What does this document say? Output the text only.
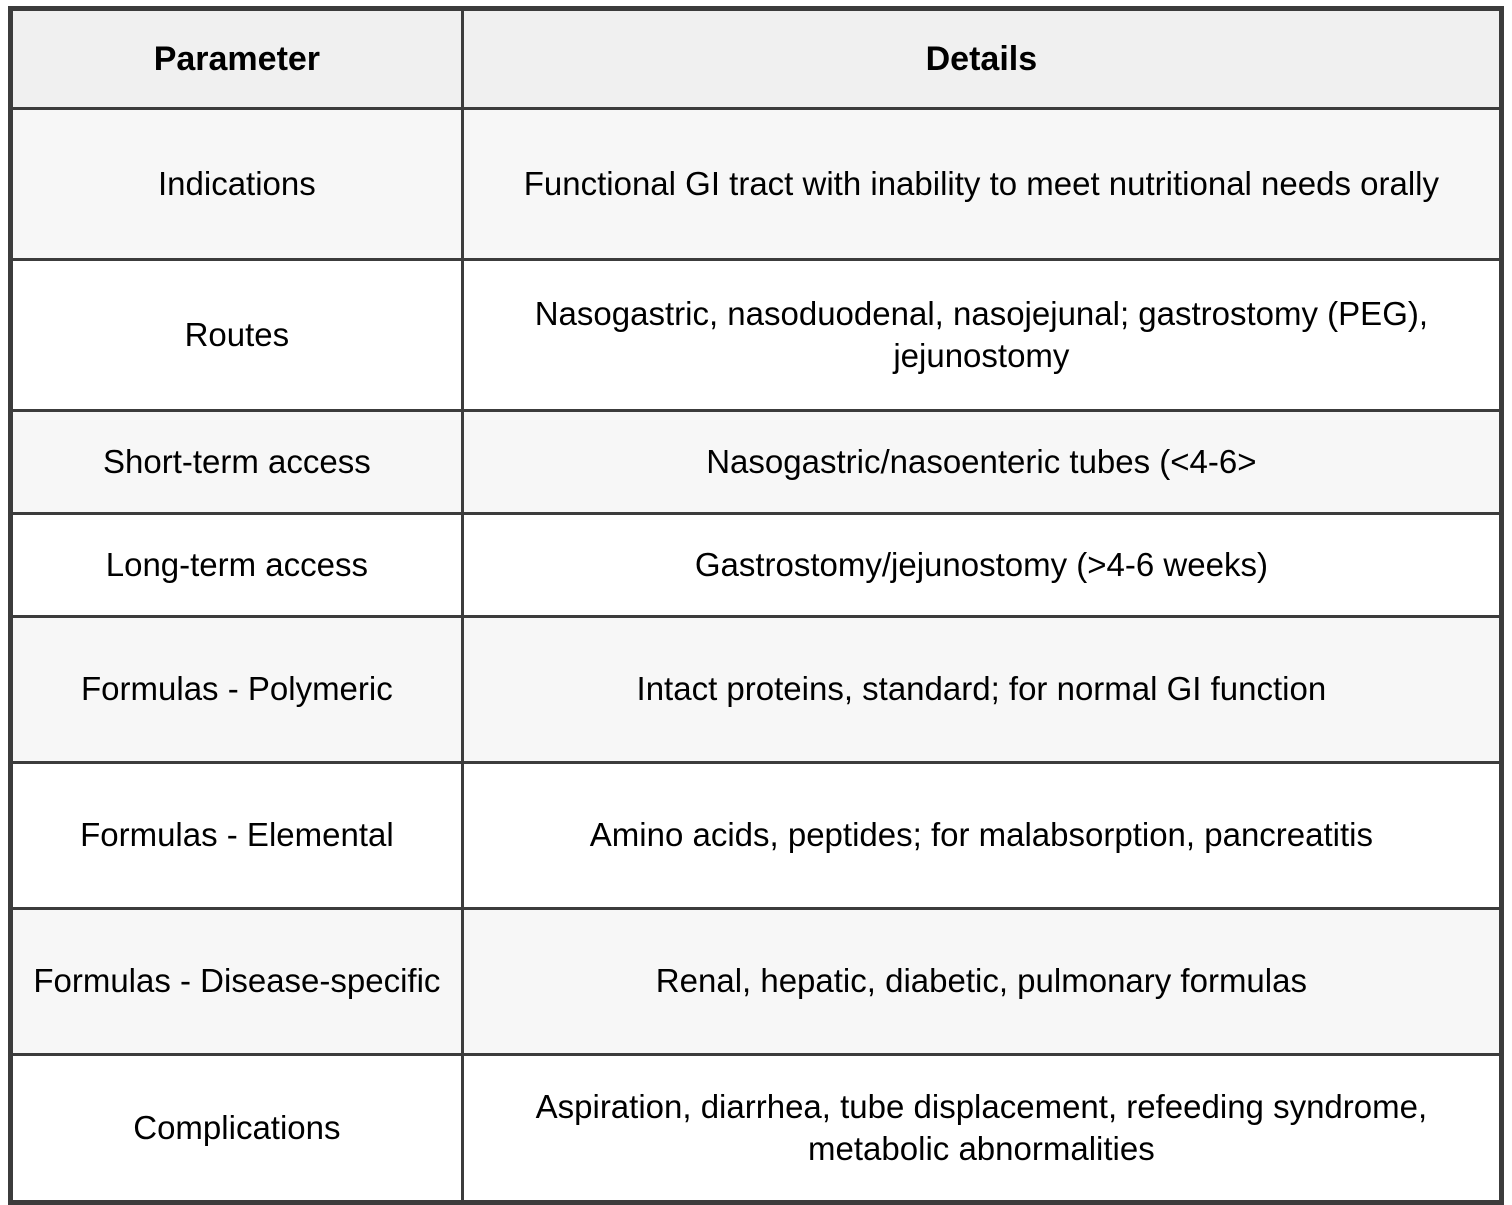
Parameter	Details
Indications	Functional GI tract with inability to meet nutritional needs orally
Routes	Nasogastric, nasoduodenal, nasojejunal; gastrostomy (PEG), jejunostomy
Short-term access	Nasogastric/nasoenteric tubes (<4-6>
Long-term access	Gastrostomy/jejunostomy (>4-6 weeks)
Formulas - Polymeric	Intact proteins, standard; for normal GI function
Formulas - Elemental	Amino acids, peptides; for malabsorption, pancreatitis
Formulas - Disease-specific	Renal, hepatic, diabetic, pulmonary formulas
Complications	Aspiration, diarrhea, tube displacement, refeeding syndrome, metabolic abnormalities
